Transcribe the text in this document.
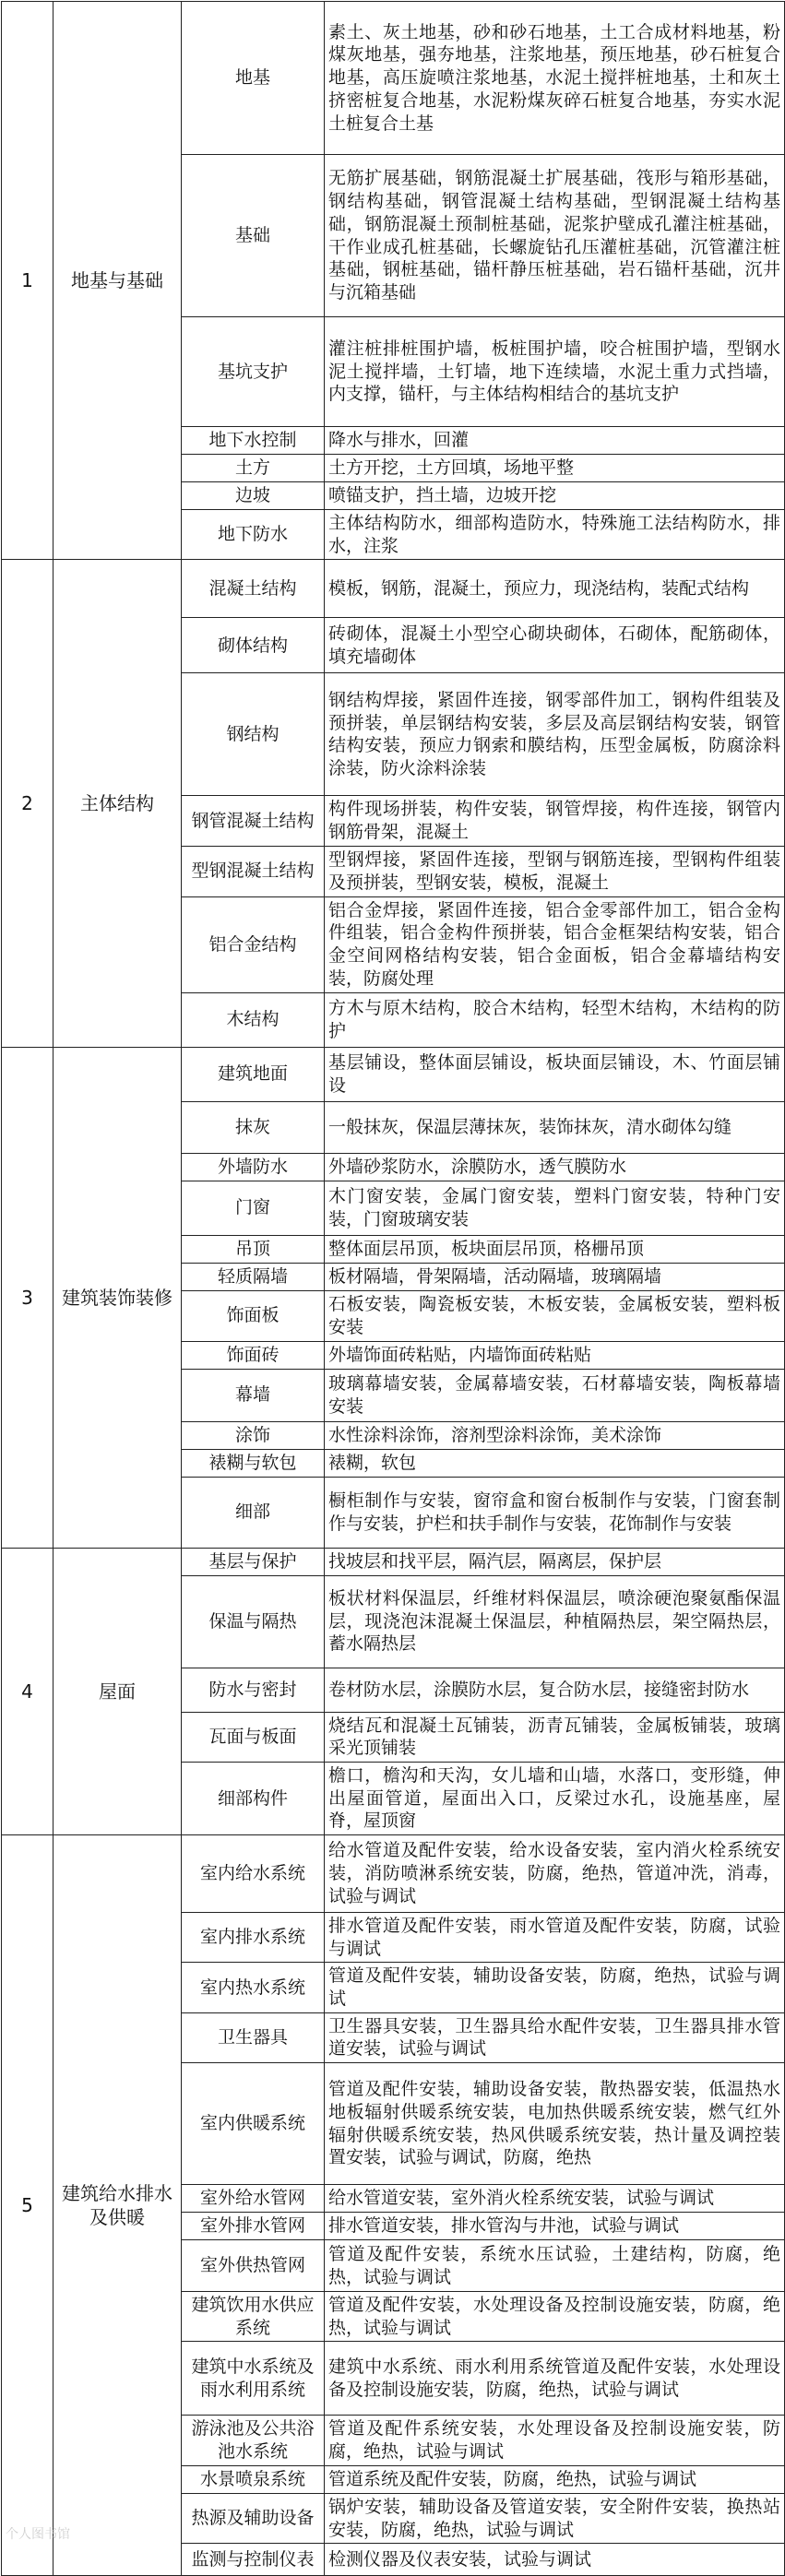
1	地基与基础	地基	素土、灰土地基，砂和砂石地基，土工合成材料地基，粉煤灰地基，强夯地基，注浆地基，预压地基，砂石桩复合地基，高压旋喷注浆地基，水泥土搅拌桩地基，土和灰土挤密桩复合地基，水泥粉煤灰碎石桩复合地基，夯实水泥土桩复合土基
		基础	无筋扩展基础，钢筋混凝土扩展基础，筏形与箱形基础，钢结构基础，钢管混凝土结构基础，型钢混凝土结构基础，钢筋混凝土预制桩基础，泥浆护壁成孔灌注桩基础，干作业成孔桩基础，长螺旋钻孔压灌桩基础，沉管灌注桩基础，钢桩基础，锚杆静压桩基础，岩石锚杆基础，沉井与沉箱基础
		基坑支护	灌注桩排桩围护墙，板桩围护墙，咬合桩围护墙，型钢水泥土搅拌墙，土钉墙，地下连续墙，水泥土重力式挡墙，内支撑，锚杆，与主体结构相结合的基坑支护
		地下水控制	降水与排水，回灌
		土方	土方开挖，土方回填，场地平整
		边坡	喷锚支护，挡土墙，边坡开挖
		地下防水	主体结构防水，细部构造防水，特殊施工法结构防水，排水，注浆
2	主体结构	混凝土结构	模板，钢筋，混凝土，预应力，现浇结构，装配式结构
		砌体结构	砖砌体，混凝土小型空心砌块砌体，石砌体，配筋砌体，填充墙砌体
		钢结构	钢结构焊接，紧固件连接，钢零部件加工，钢构件组装及预拼装，单层钢结构安装，多层及高层钢结构安装，钢管结构安装，预应力钢索和膜结构，压型金属板，防腐涂料涂装，防火涂料涂装
		钢管混凝土结构	构件现场拼装，构件安装，钢管焊接，构件连接，钢管内钢筋骨架，混凝土
		型钢混凝土结构	型钢焊接，紧固件连接，型钢与钢筋连接，型钢构件组装及预拼装，型钢安装，模板，混凝土
		铝合金结构	铝合金焊接，紧固件连接，铝合金零部件加工，铝合金构件组装，铝合金构件预拼装，铝合金框架结构安装，铝合金空间网格结构安装，铝合金面板，铝合金幕墙结构安装，防腐处理
		木结构	方木与原木结构，胶合木结构，轻型木结构，木结构的防护
3	建筑装饰装修	建筑地面	基层铺设，整体面层铺设，板块面层铺设，木、竹面层铺设
		抹灰	一般抹灰，保温层薄抹灰，装饰抹灰，清水砌体勾缝
		外墙防水	外墙砂浆防水，涂膜防水，透气膜防水
		门窗	木门窗安装，金属门窗安装，塑料门窗安装，特种门安装，门窗玻璃安装
		吊顶	整体面层吊顶，板块面层吊顶，格栅吊顶
		轻质隔墙	板材隔墙，骨架隔墙，活动隔墙，玻璃隔墙
		饰面板	石板安装，陶瓷板安装，木板安装，金属板安装，塑料板安装
		饰面砖	外墙饰面砖粘贴，内墙饰面砖粘贴
		幕墙	玻璃幕墙安装，金属幕墙安装，石材幕墙安装，陶板幕墙安装
		涂饰	水性涂料涂饰，溶剂型涂料涂饰，美术涂饰
		裱糊与软包	裱糊，软包
		细部	橱柜制作与安装，窗帘盒和窗台板制作与安装，门窗套制作与安装，护栏和扶手制作与安装，花饰制作与安装
4	屋面	基层与保护	找坡层和找平层，隔汽层，隔离层，保护层
		保温与隔热	板状材料保温层，纤维材料保温层，喷涂硬泡聚氨酯保温层，现浇泡沫混凝土保温层，种植隔热层，架空隔热层，蓄水隔热层
		防水与密封	卷材防水层，涂膜防水层，复合防水层，接缝密封防水
		瓦面与板面	烧结瓦和混凝土瓦铺装，沥青瓦铺装，金属板铺装，玻璃采光顶铺装
		细部构件	檐口，檐沟和天沟，女儿墙和山墙，水落口，变形缝，伸出屋面管道，屋面出入口，反梁过水孔，设施基座，屋脊，屋顶窗
5	建筑给水排水及供暖	室内给水系统	给水管道及配件安装，给水设备安装，室内消火栓系统安装，消防喷淋系统安装，防腐，绝热，管道冲洗，消毒，试验与调试
		室内排水系统	排水管道及配件安装，雨水管道及配件安装，防腐，试验与调试
		室内热水系统	管道及配件安装，辅助设备安装，防腐，绝热，试验与调试
		卫生器具	卫生器具安装，卫生器具给水配件安装，卫生器具排水管道安装，试验与调试
		室内供暖系统	管道及配件安装，辅助设备安装，散热器安装，低温热水地板辐射供暖系统安装，电加热供暖系统安装，燃气红外辐射供暖系统安装，热风供暖系统安装，热计量及调控装置安装，试验与调试，防腐，绝热
		室外给水管网	给水管道安装，室外消火栓系统安装，试验与调试
		室外排水管网	排水管道安装，排水管沟与井池，试验与调试
		室外供热管网	管道及配件安装，系统水压试验，土建结构，防腐，绝热，试验与调试
		建筑饮用水供应系统	管道及配件安装，水处理设备及控制设施安装，防腐，绝热，试验与调试
		建筑中水系统及雨水利用系统	建筑中水系统、雨水利用系统管道及配件安装，水处理设备及控制设施安装，防腐，绝热，试验与调试
		游泳池及公共浴池水系统	管道及配件系统安装，水处理设备及控制设施安装，防腐，绝热，试验与调试
		水景喷泉系统	管道系统及配件安装，防腐，绝热，试验与调试
		热源及辅助设备	锅炉安装，辅助设备及管道安装，安全附件安装，换热站安装，防腐，绝热，试验与调试
		监测与控制仪表	检测仪器及仪表安装，试验与调试
个人图书馆
